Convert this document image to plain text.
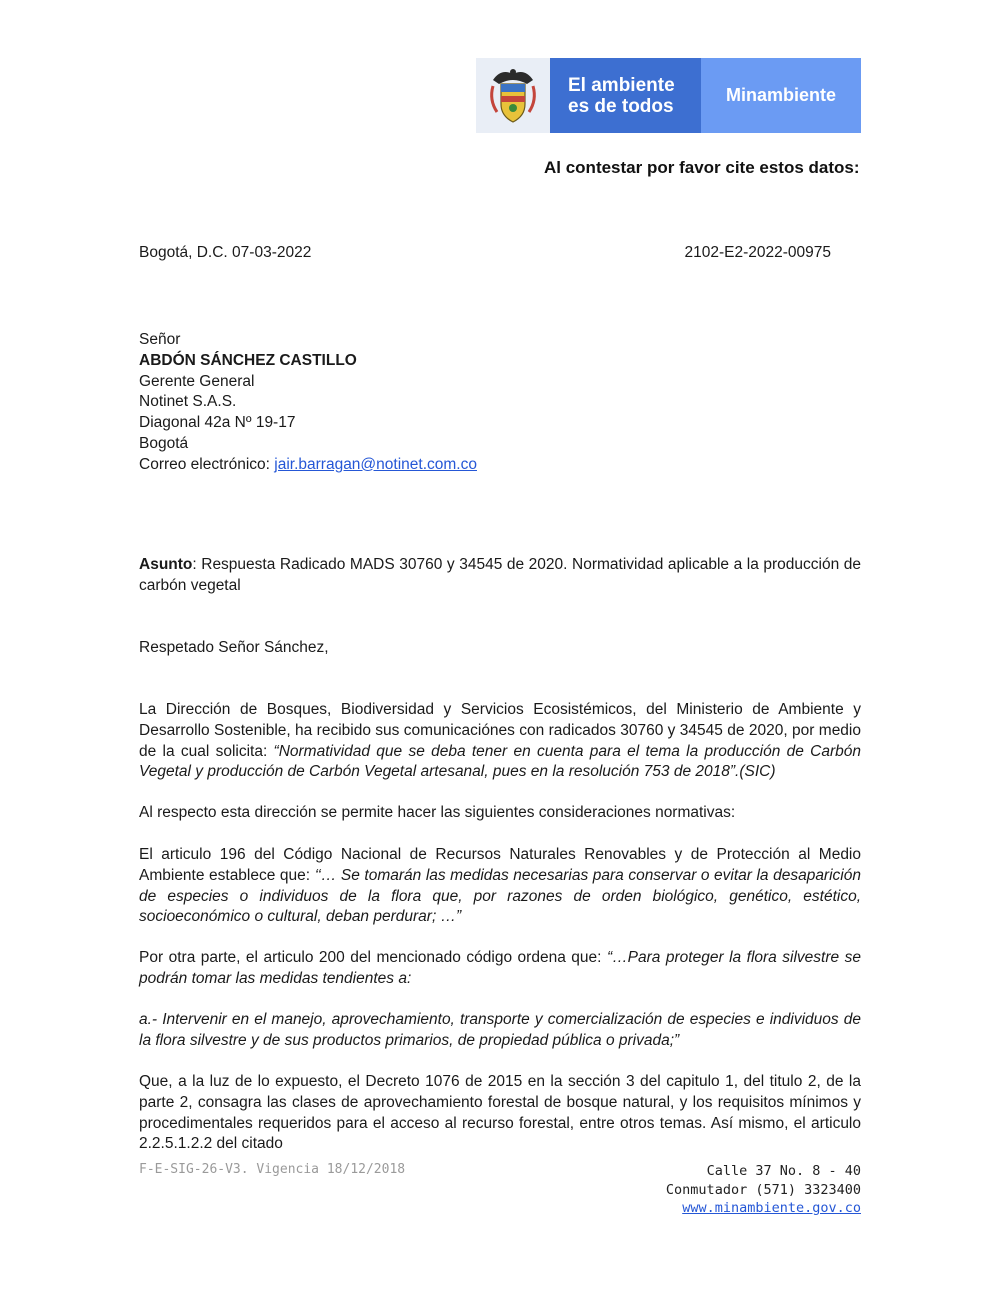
El ambiente
es de todos
Minambiente
Al contestar por favor cite estos datos:
Bogotá, D.C. 07-03-2022	2102-E2-2022-00975
Señor
ABDÓN SÁNCHEZ CASTILLO
Gerente General
Notinet S.A.S.
Diagonal 42a Nº 19-17
Bogotá
Correo electrónico: jair.barragan@notinet.com.co
Asunto: Respuesta Radicado MADS 30760 y 34545 de 2020. Normatividad aplicable a la producción de carbón vegetal
Respetado Señor Sánchez,
La Dirección de Bosques, Biodiversidad y Servicios Ecosistémicos, del Ministerio de Ambiente y Desarrollo Sostenible, ha recibido sus comunicaciónes con radicados 30760 y 34545 de 2020, por medio de la cual solicita: “Normatividad que se deba tener en cuenta para el tema la producción de Carbón Vegetal y producción de Carbón Vegetal artesanal, pues en la resolución 753 de 2018”.(SIC)
Al respecto esta dirección se permite hacer las siguientes consideraciones normativas:
El articulo 196 del Código Nacional de Recursos Naturales Renovables y de Protección al Medio Ambiente establece que: ‘‘… Se tomarán las medidas necesarias para conservar o evitar la desaparición de especies o individuos de la flora que, por razones de orden biológico, genético, estético, socioeconómico o cultural, deban perdurar; …”
Por otra parte, el articulo 200 del mencionado código ordena que: “…Para proteger la flora silvestre se podrán tomar las medidas tendientes a:
a.- Intervenir en el manejo, aprovechamiento, transporte y comercialización de especies e individuos de la flora silvestre y de sus productos primarios, de propiedad pública o privada;”
Que, a la luz de lo expuesto, el Decreto 1076 de 2015 en la sección 3 del capitulo 1, del titulo 2, de la parte 2, consagra las clases de aprovechamiento forestal de bosque natural, y los requisitos mínimos y procedimentales requeridos para el acceso al recurso forestal, entre otros temas. Así mismo, el articulo 2.2.5.1.2.2 del citado
F-E-SIG-26-V3. Vigencia 18/12/2018	Calle 37 No. 8 - 40
Conmutador (571) 3323400
www.minambiente.gov.co
